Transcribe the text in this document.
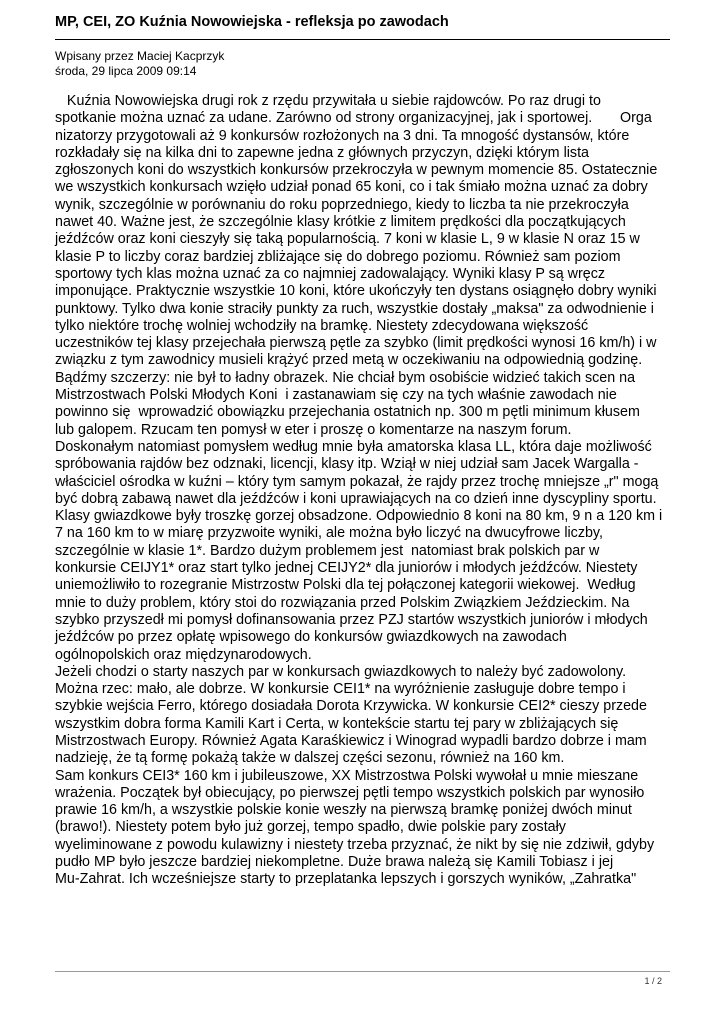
MP, CEI, ZO Kuźnia Nowowiejska - refleksja po zawodach
Wpisany przez Maciej Kacprzyk
środa, 29 lipca 2009 09:14
Kuźnia Nowowiejska drugi rok z rzędu przywitała u siebie rajdowców. Po raz drugi to
spotkanie można uznać za udane. Zarówno od strony organizacyjnej, jak i sportowej.       Orga
nizatorzy przygotowali aż 9 konkursów rozłożonych na 3 dni. Ta mnogość dystansów, które
rozkładały się na kilka dni to zapewne jedna z głównych przyczyn, dzięki którym lista
zgłoszonych koni do wszystkich konkursów przekroczyła w pewnym momencie 85. Ostatecznie
we wszystkich konkursach wzięło udział ponad 65 koni, co i tak śmiało można uznać za dobry
wynik, szczególnie w porównaniu do roku poprzedniego, kiedy to liczba ta nie przekroczyła
nawet 40. Ważne jest, że szczególnie klasy krótkie z limitem prędkości dla początkujących
jeźdźców oraz koni cieszyły się taką popularnością. 7 koni w klasie L, 9 w klasie N oraz 15 w
klasie P to liczby coraz bardziej zbliżające się do dobrego poziomu. Również sam poziom
sportowy tych klas można uznać za co najmniej zadowalający. Wyniki klasy P są wręcz
imponujące. Praktycznie wszystkie 10 koni, które ukończyły ten dystans osiągnęło dobry wyniki
punktowy. Tylko dwa konie straciły punkty za ruch, wszystkie dostały „maksa" za odwodnienie i
tylko niektóre trochę wolniej wchodziły na bramkę. Niestety zdecydowana większość
uczestników tej klasy przejechała pierwszą pętle za szybko (limit prędkości wynosi 16 km/h) i w
związku z tym zawodnicy musieli krążyć przed metą w oczekiwaniu na odpowiednią godzinę.
Bądźmy szczerzy: nie był to ładny obrazek. Nie chciał bym osobiście widzieć takich scen na
Mistrzostwach Polski Młodych Koni  i zastanawiam się czy na tych właśnie zawodach nie
powinno się  wprowadzić obowiązku przejechania ostatnich np. 300 m pętli minimum kłusem
lub galopem. Rzucam ten pomysł w eter i proszę o komentarze na naszym forum.
Doskonałym natomiast pomysłem według mnie była amatorska klasa LL, która daje możliwość
spróbowania rajdów bez odznaki, licencji, klasy itp. Wziął w niej udział sam Jacek Wargalla -
właściciel ośrodka w kuźni – który tym samym pokazał, że rajdy przez trochę mniejsze „r" mogą
być dobrą zabawą nawet dla jeźdźców i koni uprawiających na co dzień inne dyscypliny sportu.
Klasy gwiazdkowe były troszkę gorzej obsadzone. Odpowiednio 8 koni na 80 km, 9 n a 120 km i
7 na 160 km to w miarę przyzwoite wyniki, ale można było liczyć na dwucyfrowe liczby,
szczególnie w klasie 1*. Bardzo dużym problemem jest  natomiast brak polskich par w
konkursie CEIJY1* oraz start tylko jednej CEIJY2* dla juniorów i młodych jeźdźców. Niestety
uniemożliwiło to rozegranie Mistrzostw Polski dla tej połączonej kategorii wiekowej.  Według
mnie to duży problem, który stoi do rozwiązania przed Polskim Związkiem Jeździeckim. Na
szybko przyszedł mi pomysł dofinansowania przez PZJ startów wszystkich juniorów i młodych
jeźdźców po przez opłatę wpisowego do konkursów gwiazdkowych na zawodach
ogólnopolskich oraz międzynarodowych.
Jeżeli chodzi o starty naszych par w konkursach gwiazdkowych to należy być zadowolony.
Można rzec: mało, ale dobrze. W konkursie CEI1* na wyróżnienie zasługuje dobre tempo i
szybkie wejścia Ferro, którego dosiadała Dorota Krzywicka. W konkursie CEI2* cieszy przede
wszystkim dobra forma Kamili Kart i Certa, w kontekście startu tej pary w zbliżających się
Mistrzostwach Europy. Również Agata Karaśkiewicz i Winograd wypadli bardzo dobrze i mam
nadzieję, że tą formę pokażą także w dalszej części sezonu, również na 160 km.
Sam konkurs CEI3* 160 km i jubileuszowe, XX Mistrzostwa Polski wywołał u mnie mieszane
wrażenia. Początek był obiecujący, po pierwszej pętli tempo wszystkich polskich par wynosiło
prawie 16 km/h, a wszystkie polskie konie weszły na pierwszą bramkę poniżej dwóch minut
(brawo!). Niestety potem było już gorzej, tempo spadło, dwie polskie pary zostały
wyeliminowane z powodu kulawizny i niestety trzeba przyznać, że nikt by się nie zdziwił, gdyby
pudło MP było jeszcze bardziej niekompletne. Duże brawa należą się Kamili Tobiasz i jej
Mu-Zahrat. Ich wcześniejsze starty to przeplatanka lepszych i gorszych wyników, „Zahratka"
1 / 2
